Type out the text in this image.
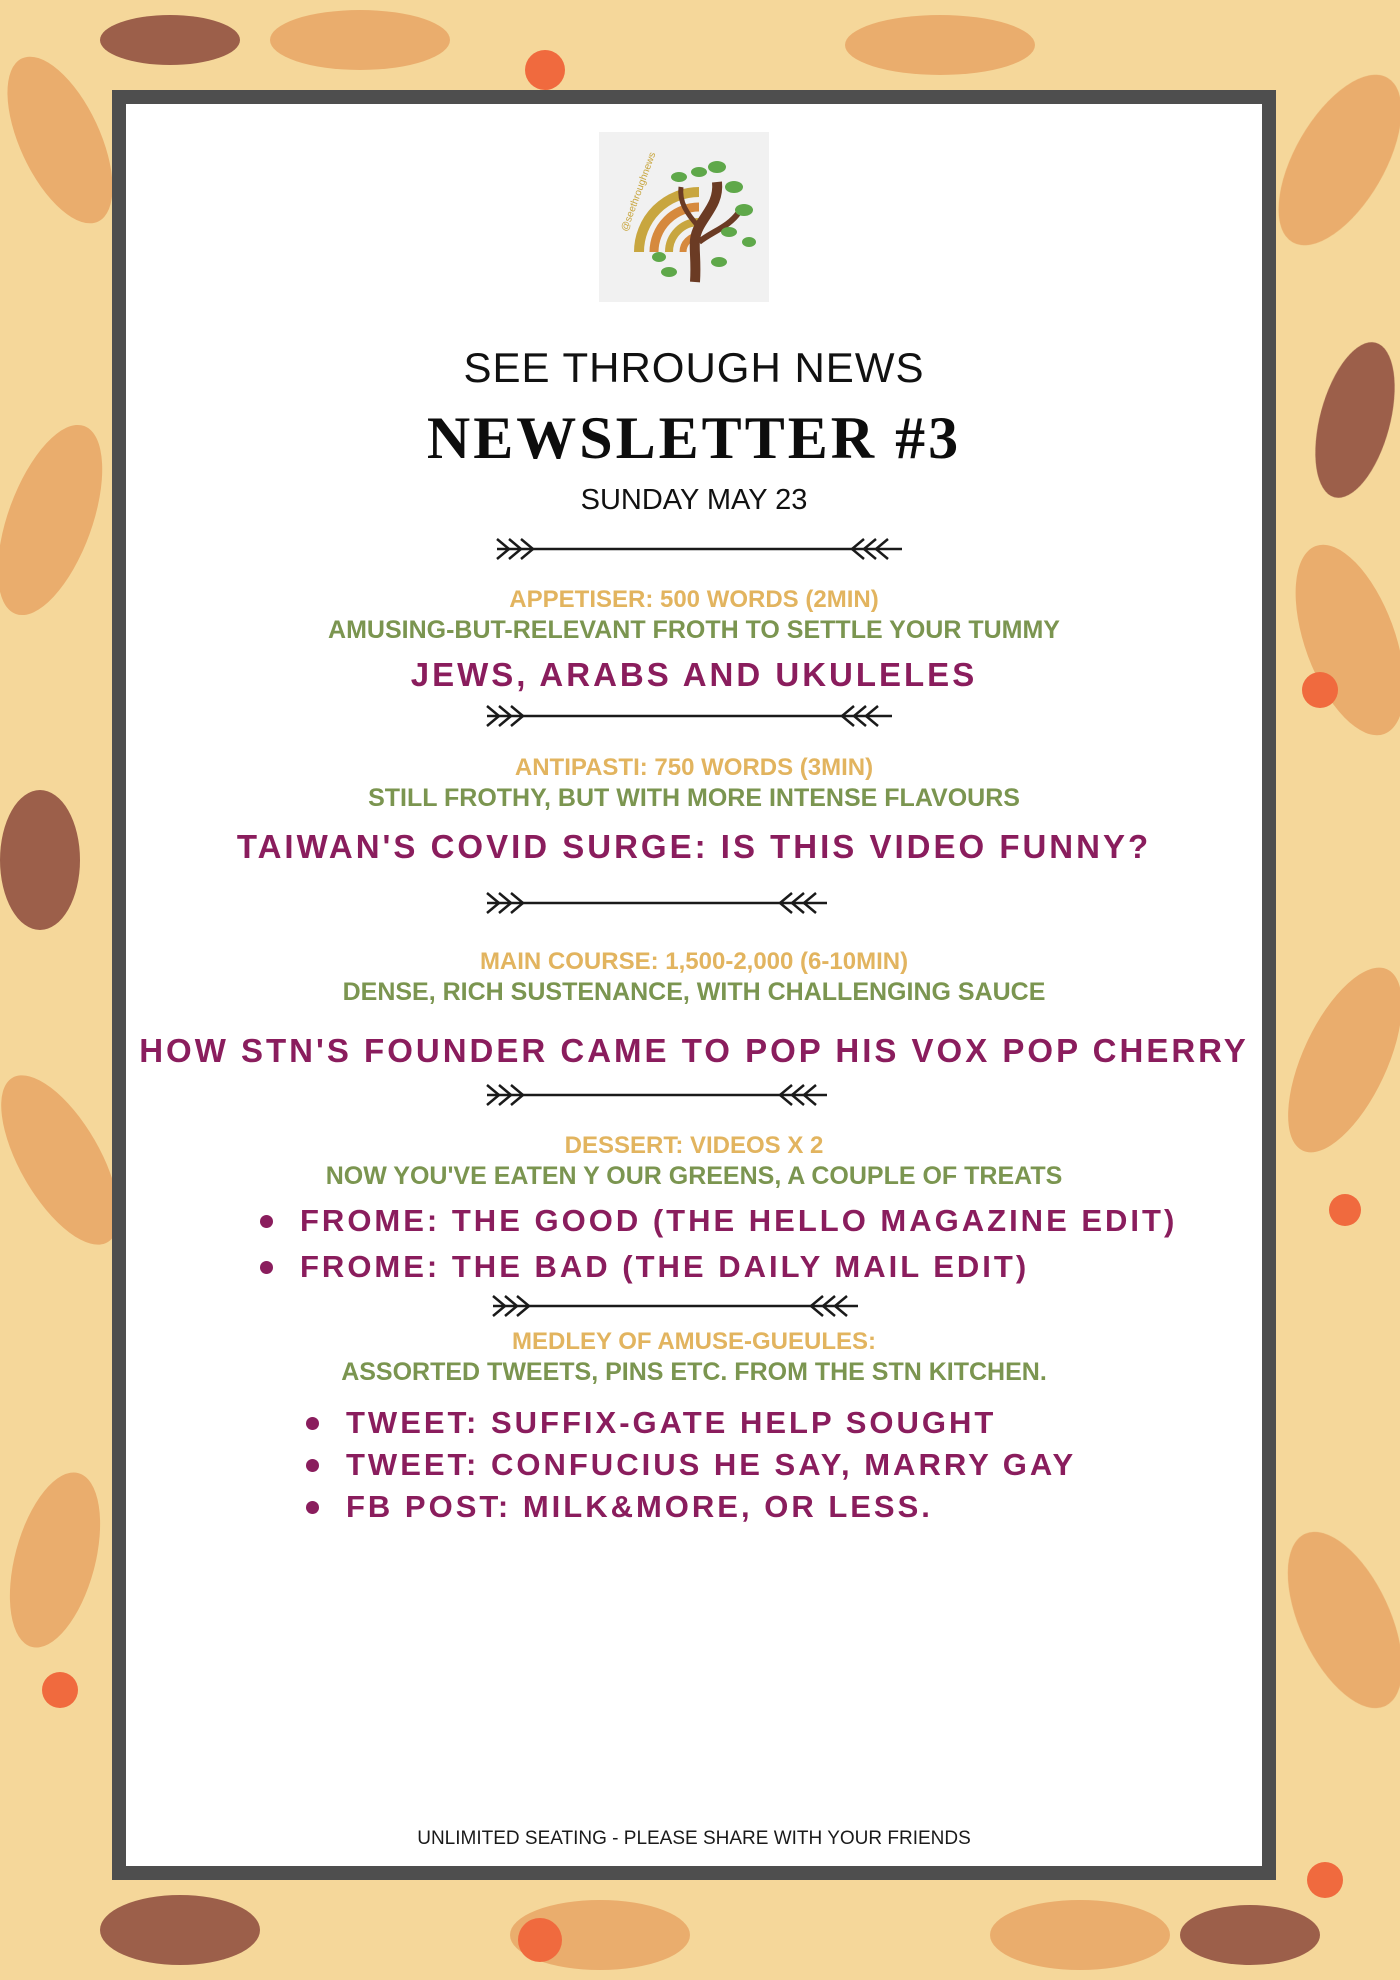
@seethroughnews
SEE THROUGH NEWS
NEWSLETTER #3
SUNDAY MAY 23
APPETISER: 500 WORDS (2MIN)
AMUSING-BUT-RELEVANT FROTH TO SETTLE YOUR TUMMY
JEWS, ARABS AND UKULELES
ANTIPASTI: 750 WORDS (3MIN)
STILL FROTHY, BUT WITH MORE INTENSE FLAVOURS
TAIWAN'S COVID SURGE: IS THIS VIDEO FUNNY?
MAIN COURSE: 1,500-2,000 (6-10MIN)
DENSE, RICH SUSTENANCE, WITH CHALLENGING SAUCE
HOW STN'S FOUNDER CAME TO POP HIS VOX POP CHERRY
DESSERT: VIDEOS X 2
NOW YOU'VE EATEN Y OUR GREENS, A COUPLE OF TREATS
FROME: THE GOOD (THE HELLO MAGAZINE EDIT)
FROME: THE BAD (THE DAILY MAIL EDIT)
MEDLEY OF AMUSE-GUEULES:
ASSORTED TWEETS, PINS ETC. FROM THE STN KITCHEN.
TWEET: SUFFIX-GATE HELP SOUGHT
TWEET: CONFUCIUS HE SAY, MARRY GAY
FB POST: MILK&MORE, OR LESS.
UNLIMITED SEATING - PLEASE SHARE WITH YOUR FRIENDS
